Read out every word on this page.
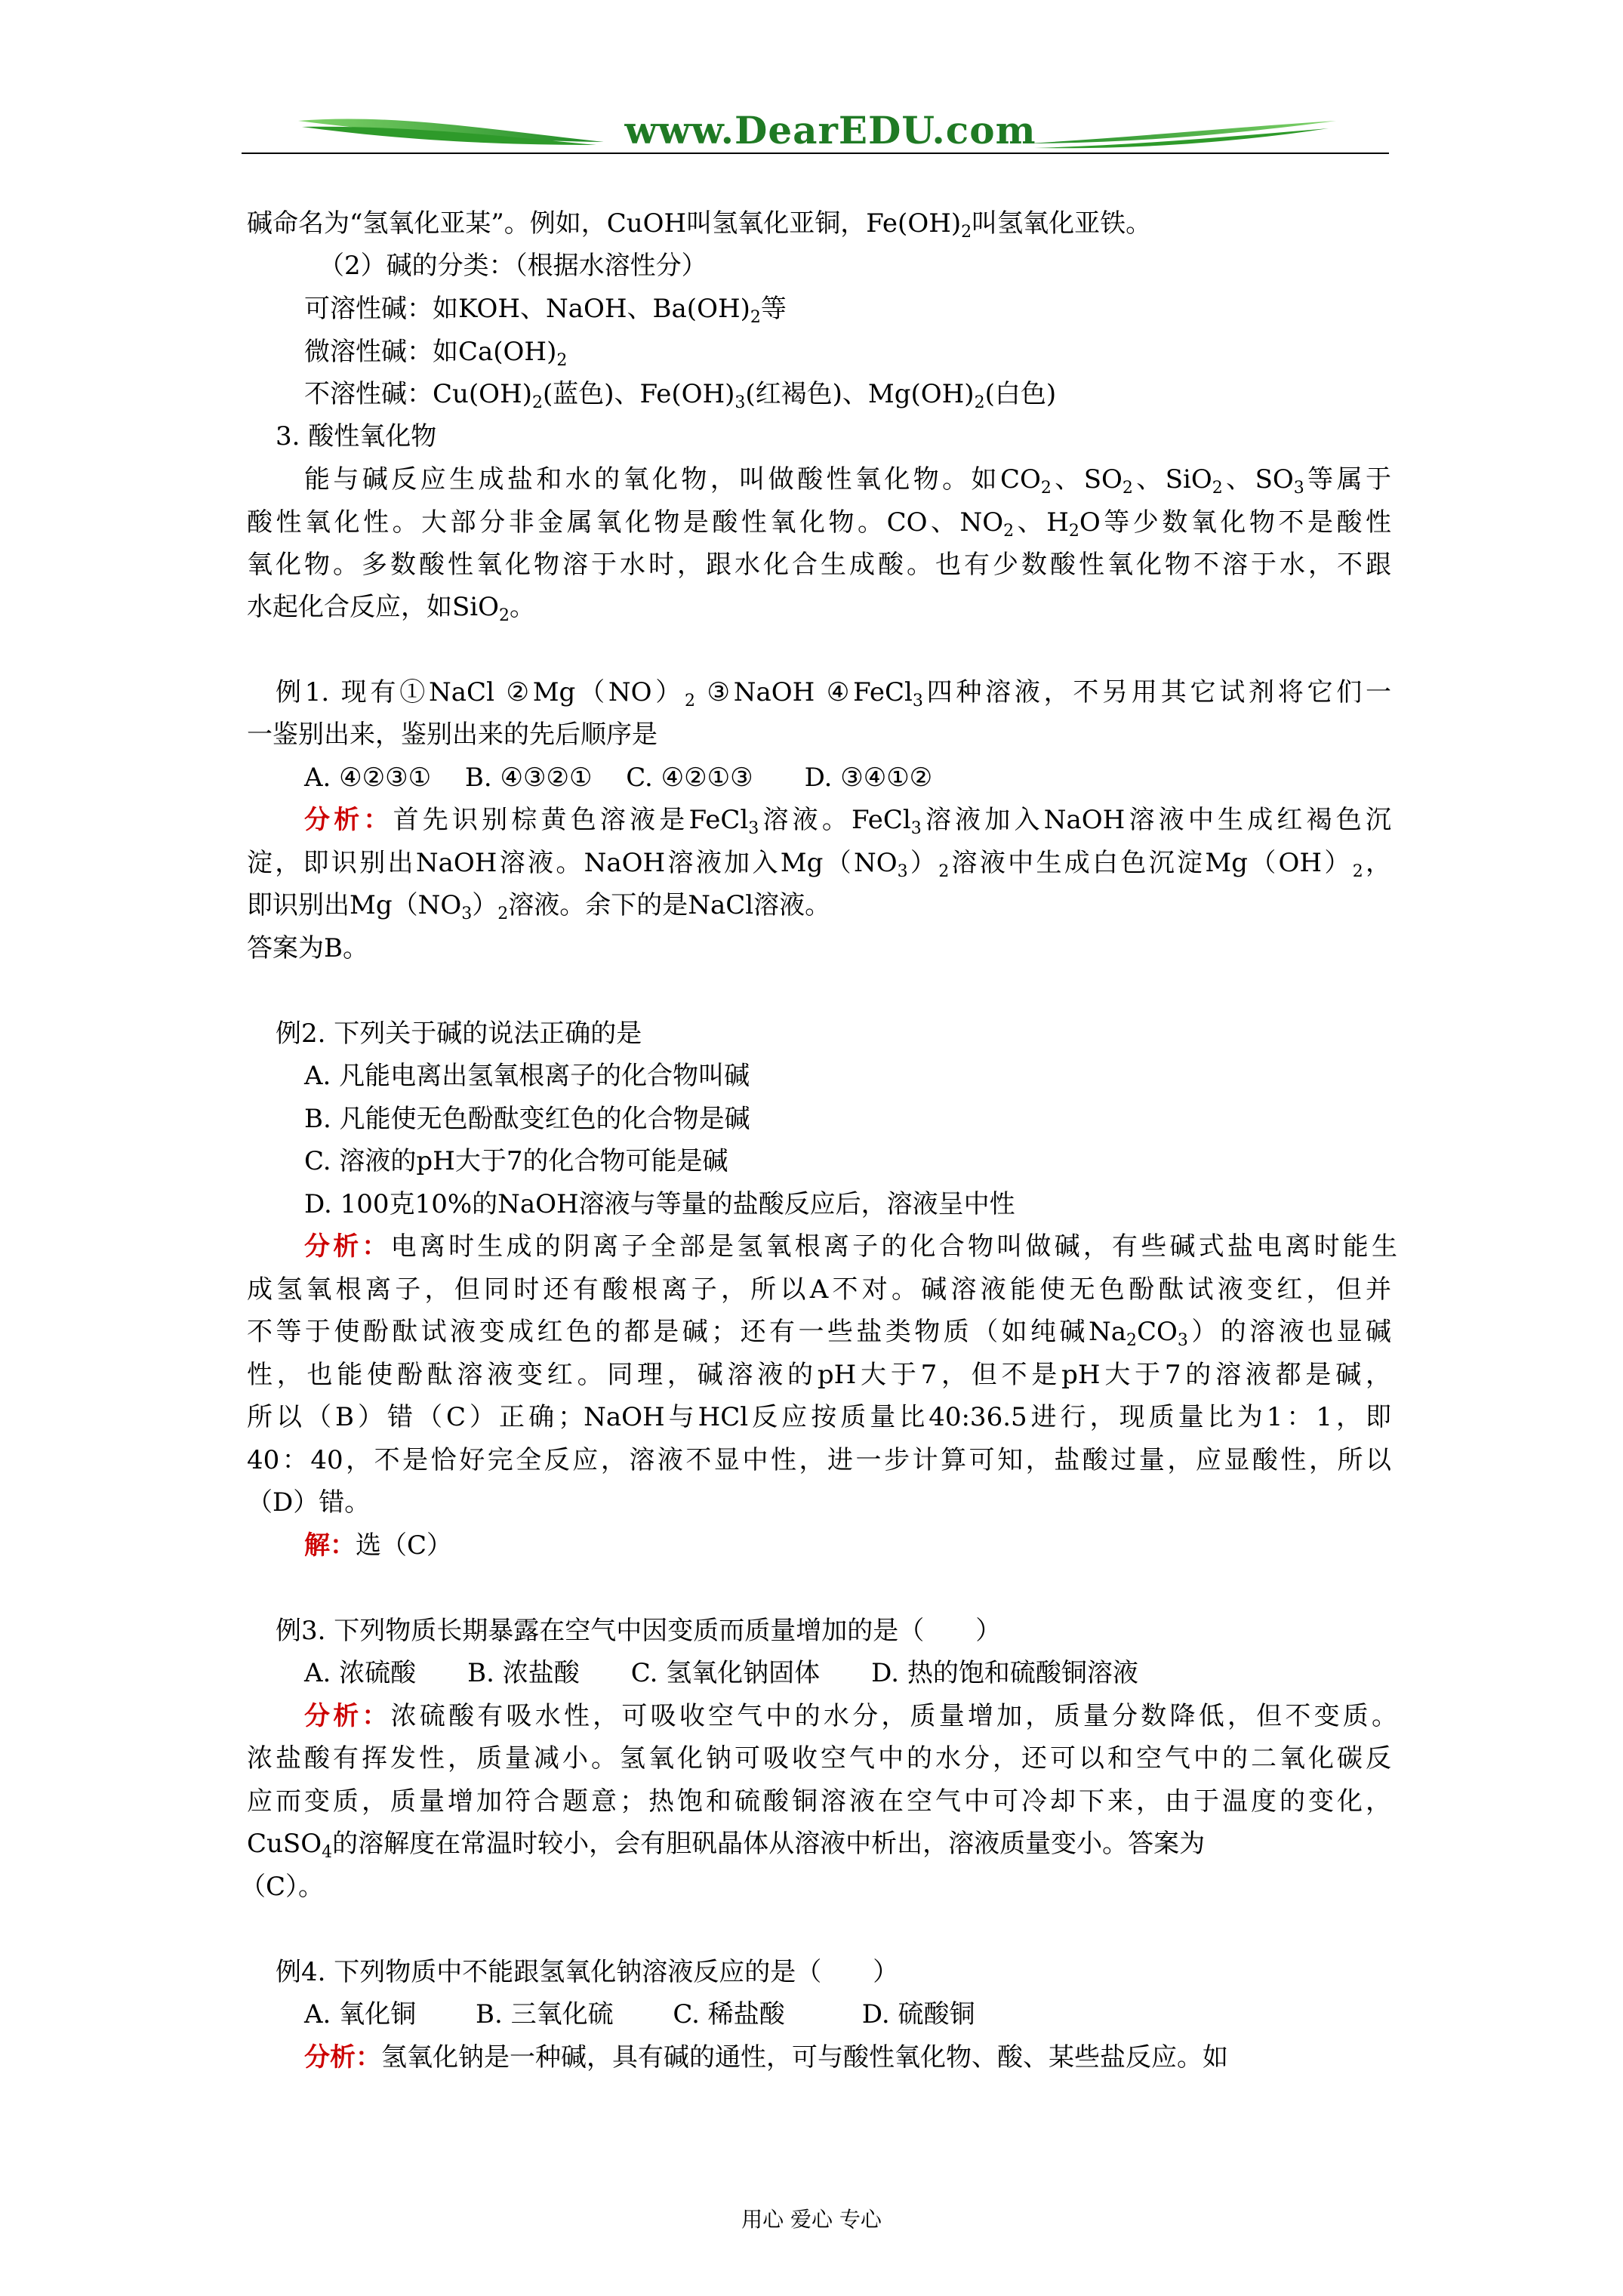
www.DearEDU.com
碱命名为“氢氧化亚某”。例如，CuOH叫氢氧化亚铜，$Fe(OH)_2$叫氢氧化亚铁。
（2）碱的分类：（根据水溶性分）
可溶性碱：如KOH、NaOH、$Ba(OH)_2$等
微溶性碱：如$Ca(OH)_2$
不溶性碱：$Cu(OH)_2$(蓝色)、$Fe(OH)_3$(红褐色)、$Mg(OH)_2$(白色)
3. 酸性氧化物
能与碱反应生成盐和水的氧化物，叫做酸性氧化物。如$CO_2$、$SO_2$、SiO$_2$、$SO_3$等属于
酸性氧化性。大部分非金属氧化物是酸性氧化物。CO、$NO_2$、$H_2O$等少数氧化物不是酸性
氧化物。多数酸性氧化物溶于水时，跟水化合生成酸。也有少数酸性氧化物不溶于水，不跟
水起化合反应，如SiO$_2$。
例1. 现有①NaCl $②Mg(NO)_2$ ③NaOH ④FeCl$_3$四种溶液，不另用其它试剂将它们一
一鉴别出来，鉴别出来的先后顺序是
A. ④②③①　 B. ④③②①　 C. ④②①③　　D. ③④①②
分析：首先识别棕黄色溶液是FeCl$_3$溶液。FeCl$_3$溶液加入NaOH溶液中生成红褐色沉
淀，即识别出NaOH溶液。NaOH溶液加入$Mg(NO_3)_2$溶液中生成白色沉淀$Mg(OH)_2$，
即识别出$Mg(NO_3)_2$溶液。余下的是NaCl溶液。
答案为B。
例2. 下列关于碱的说法正确的是
A. 凡能电离出氢氧根离子的化合物叫碱
B. 凡能使无色酚酞变红色的化合物是碱
C. 溶液的pH大于7的化合物可能是碱
D. 100克10%的NaOH溶液与等量的盐酸反应后，溶液呈中性
分析：电离时生成的阴离子全部是氢氧根离子的化合物叫做碱，有些碱式盐电离时能生
成氢氧根离子，但同时还有酸根离子，所以A不对。碱溶液能使无色酚酞试液变红，但并
不等于使酚酞试液变成红色的都是碱；还有一些盐类物质（如纯碱$Na_2CO_3$）的溶液也显碱
性，也能使酚酞溶液变红。同理，碱溶液的pH大于7，但不是pH大于7的溶液都是碱，
所以（B）错（C）正确；NaOH与HCl反应按质量比40:36.5进行，现质量比为1：1，即
40：40，不是恰好完全反应，溶液不显中性，进一步计算可知，盐酸过量，应显酸性，所以
（D）错。
解：选（C）
例3. 下列物质长期暴露在空气中因变质而质量增加的是（　　）
A. 浓硫酸　　B. 浓盐酸　　C. 氢氧化钠固体　　D. 热的饱和硫酸铜溶液
分析：浓硫酸有吸水性，可吸收空气中的水分，质量增加，质量分数降低，但不变质。
浓盐酸有挥发性，质量减小。氢氧化钠可吸收空气中的水分，还可以和空气中的二氧化碳反
应而变质，质量增加符合题意；热饱和硫酸铜溶液在空气中可冷却下来，由于温度的变化，
CuSO$_4$的溶解度在常温时较小，会有胆矾晶体从溶液中析出，溶液质量变小。答案为
（C）。
例4. 下列物质中不能跟氢氧化钠溶液反应的是（　　）
A. 氧化铜　　 B. 三氧化硫　　 C. 稀盐酸　　　D. 硫酸铜
分析：氢氧化钠是一种碱，具有碱的通性，可与酸性氧化物、酸、某些盐反应。如
用心 爱心 专心
